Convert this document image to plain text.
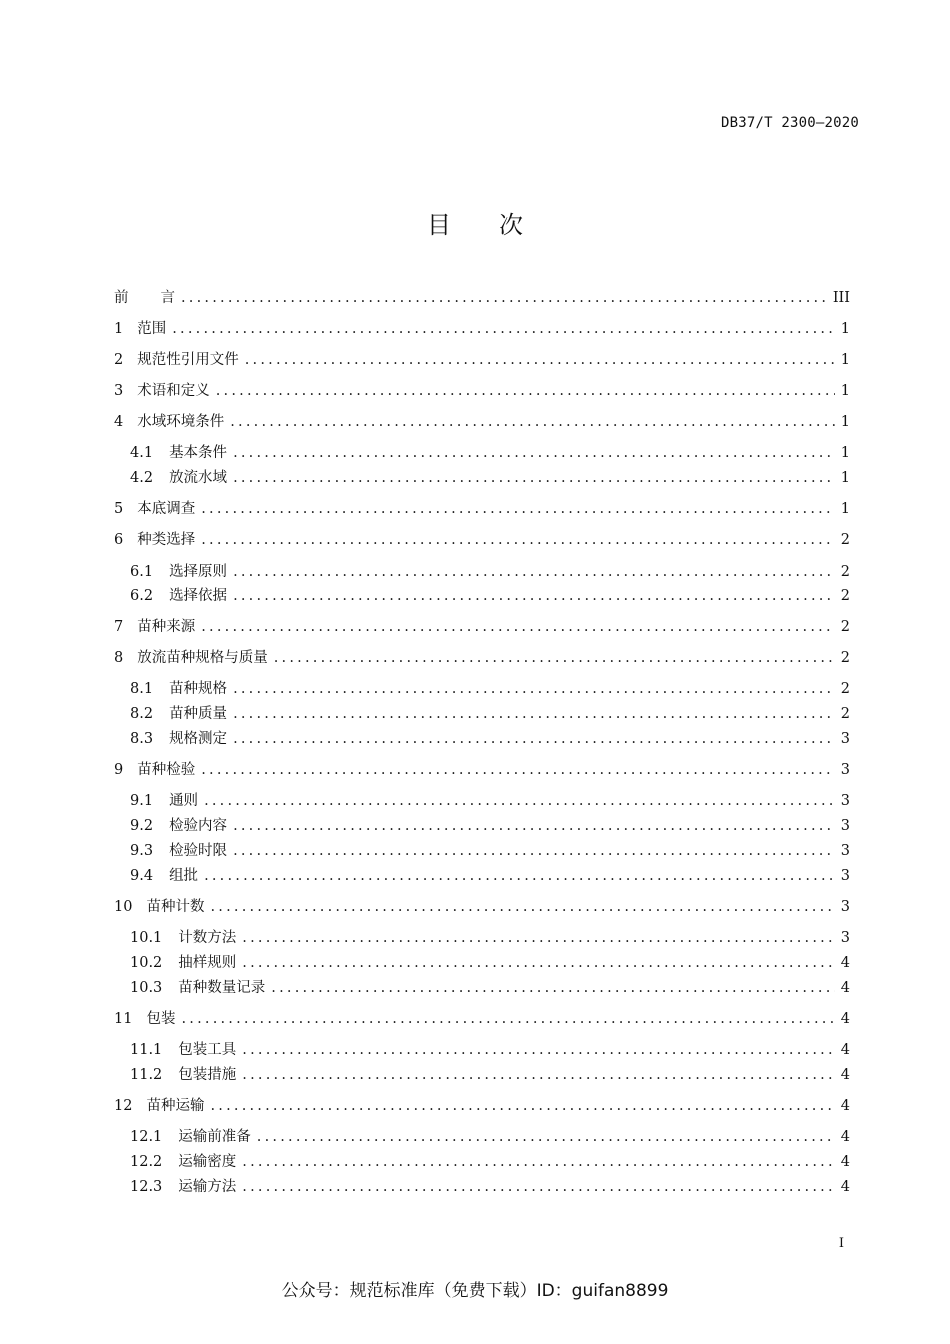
DB37/T 2300—2020
目次
前 言 .....	III
1 范围 .....	1
2 规范性引用文件 .....	1
3 术语和定义 .....	1
4 水域环境条件 .....	1
4.1 基本条件 .....	1
4.2 放流水域 .....	1
5 本底调查 .....	1
6 种类选择 .....	2
6.1 选择原则 .....	2
6.2 选择依据 .....	2
7 苗种来源 .....	2
8 放流苗种规格与质量 .....	2
8.1 苗种规格 .....	2
8.2 苗种质量 .....	2
8.3 规格测定 .....	3
9 苗种检验 .....	3
9.1 通则 .....	3
9.2 检验内容 .....	3
9.3 检验时限 .....	3
9.4 组批 .....	3
10 苗种计数 .....	3
10.1 计数方法 .....	3
10.2 抽样规则 .....	4
10.3 苗种数量记录 .....	4
11 包装 .....	4
11.1 包装工具 .....	4
11.2 包装措施 .....	4
12 苗种运输 .....	4
12.1 运输前准备 .....	4
12.2 运输密度 .....	4
12.3 运输方法 .....	4
I
公众号：规范标准库（免费下载）ID：guifan8899
